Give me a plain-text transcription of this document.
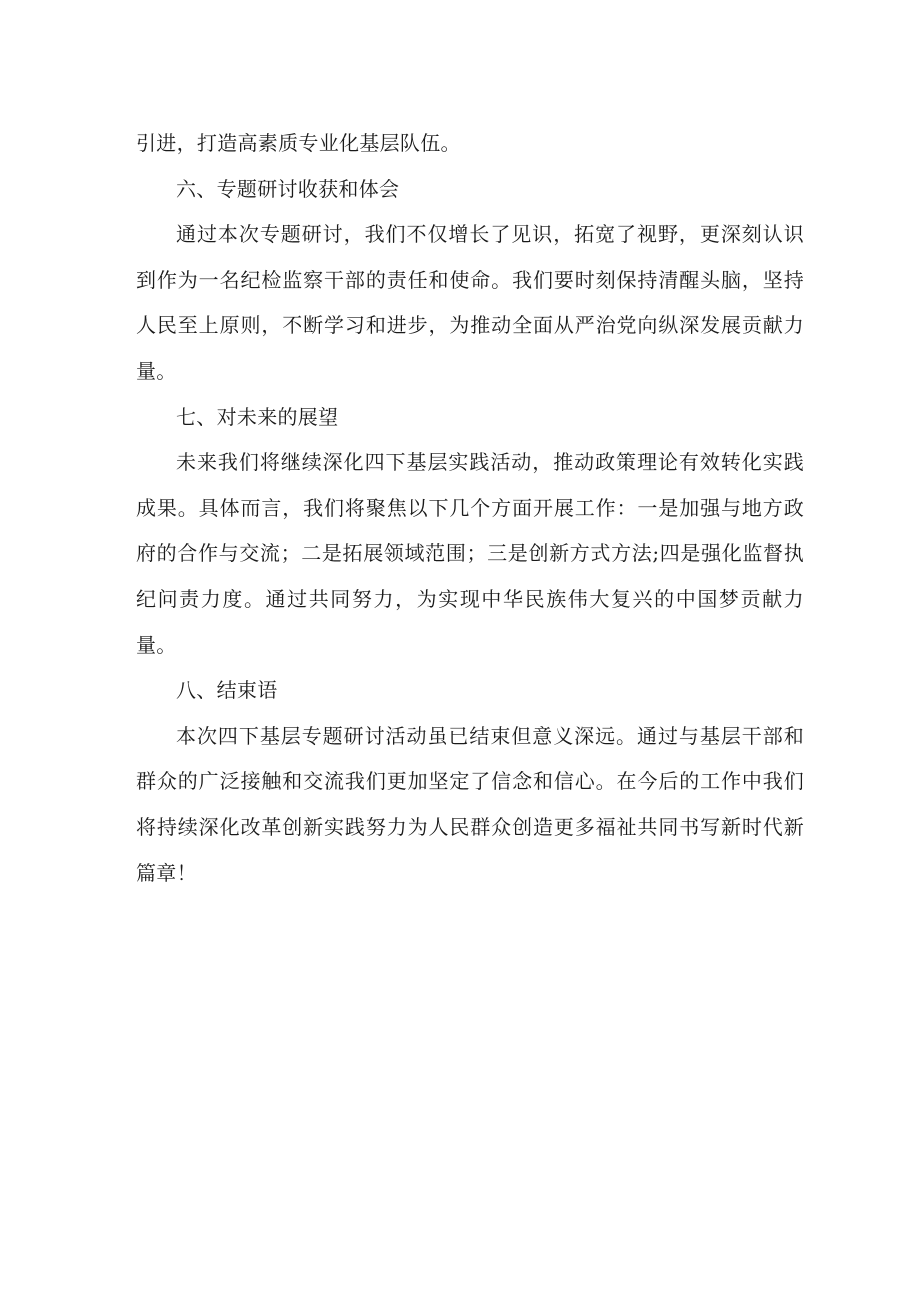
引进，打造高素质专业化基层队伍。

六、专题研讨收获和体会

通过本次专题研讨，我们不仅增长了见识，拓宽了视野，更深刻认识到作为一名纪检监察干部的责任和使命。我们要时刻保持清醒头脑，坚持人民至上原则，不断学习和进步，为推动全面从严治党向纵深发展贡献力量。

七、对未来的展望

未来我们将继续深化四下基层实践活动，推动政策理论有效转化实践成果。具体而言，我们将聚焦以下几个方面开展工作：一是加强与地方政府的合作与交流；二是拓展领域范围；三是创新方式方法;四是强化监督执纪问责力度。通过共同努力，为实现中华民族伟大复兴的中国梦贡献力量。

八、结束语

本次四下基层专题研讨活动虽已结束但意义深远。通过与基层干部和群众的广泛接触和交流我们更加坚定了信念和信心。在今后的工作中我们将持续深化改革创新实践努力为人民群众创造更多福祉共同书写新时代新篇章！
